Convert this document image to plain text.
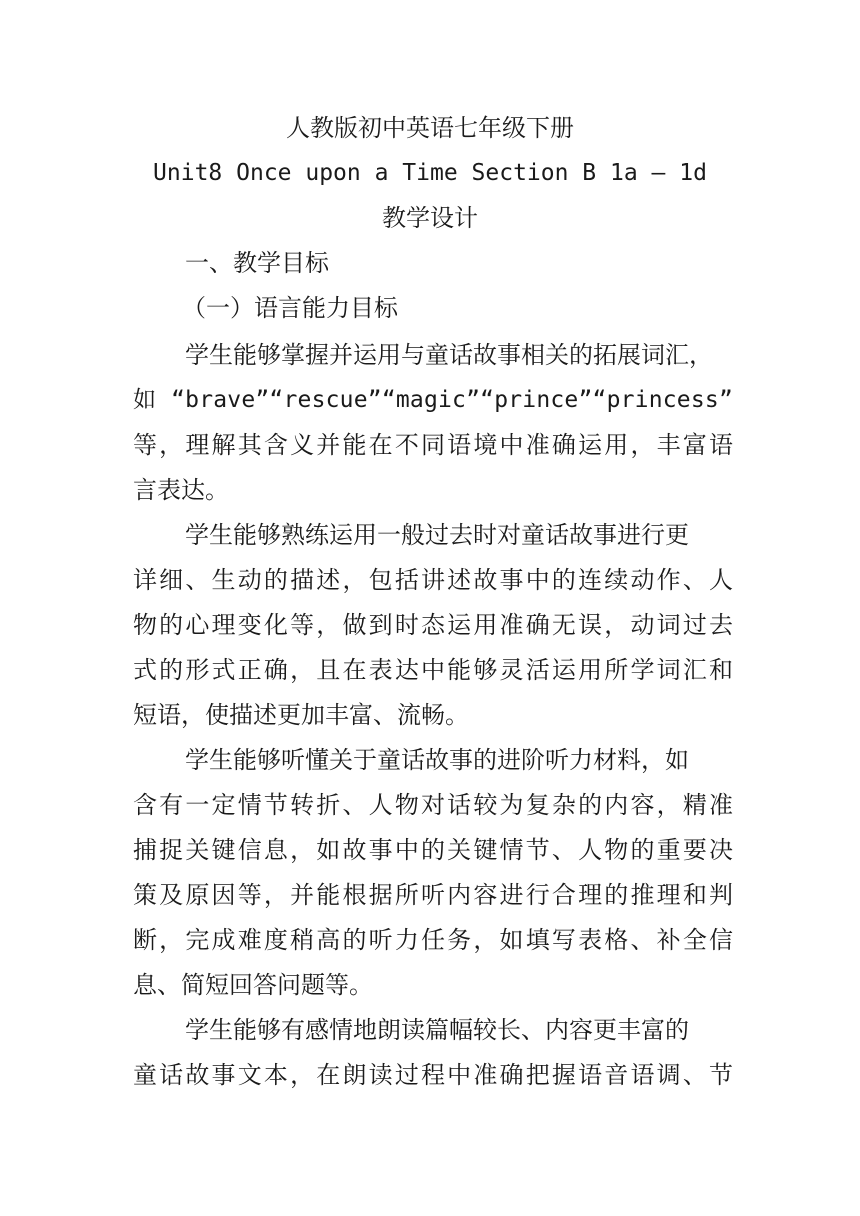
人教版初中英语七年级下册
Unit8 Once upon a Time Section B 1a – 1d
教学设计
一、教学目标
（一）语言能力目标
学生能够掌握并运用与童话故事相关的拓展词汇，
如 “brave”“rescue”“magic”“prince”“princess”
等，理解其含义并能在不同语境中准确运用，丰富语
言表达。
学生能够熟练运用一般过去时对童话故事进行更
详细、生动的描述，包括讲述故事中的连续动作、人
物的心理变化等，做到时态运用准确无误，动词过去
式的形式正确，且在表达中能够灵活运用所学词汇和
短语，使描述更加丰富、流畅。
学生能够听懂关于童话故事的进阶听力材料，如
含有一定情节转折、人物对话较为复杂的内容，精准
捕捉关键信息，如故事中的关键情节、人物的重要决
策及原因等，并能根据所听内容进行合理的推理和判
断，完成难度稍高的听力任务，如填写表格、补全信
息、简短回答问题等。
学生能够有感情地朗读篇幅较长、内容更丰富的
童话故事文本，在朗读过程中准确把握语音语调、节
